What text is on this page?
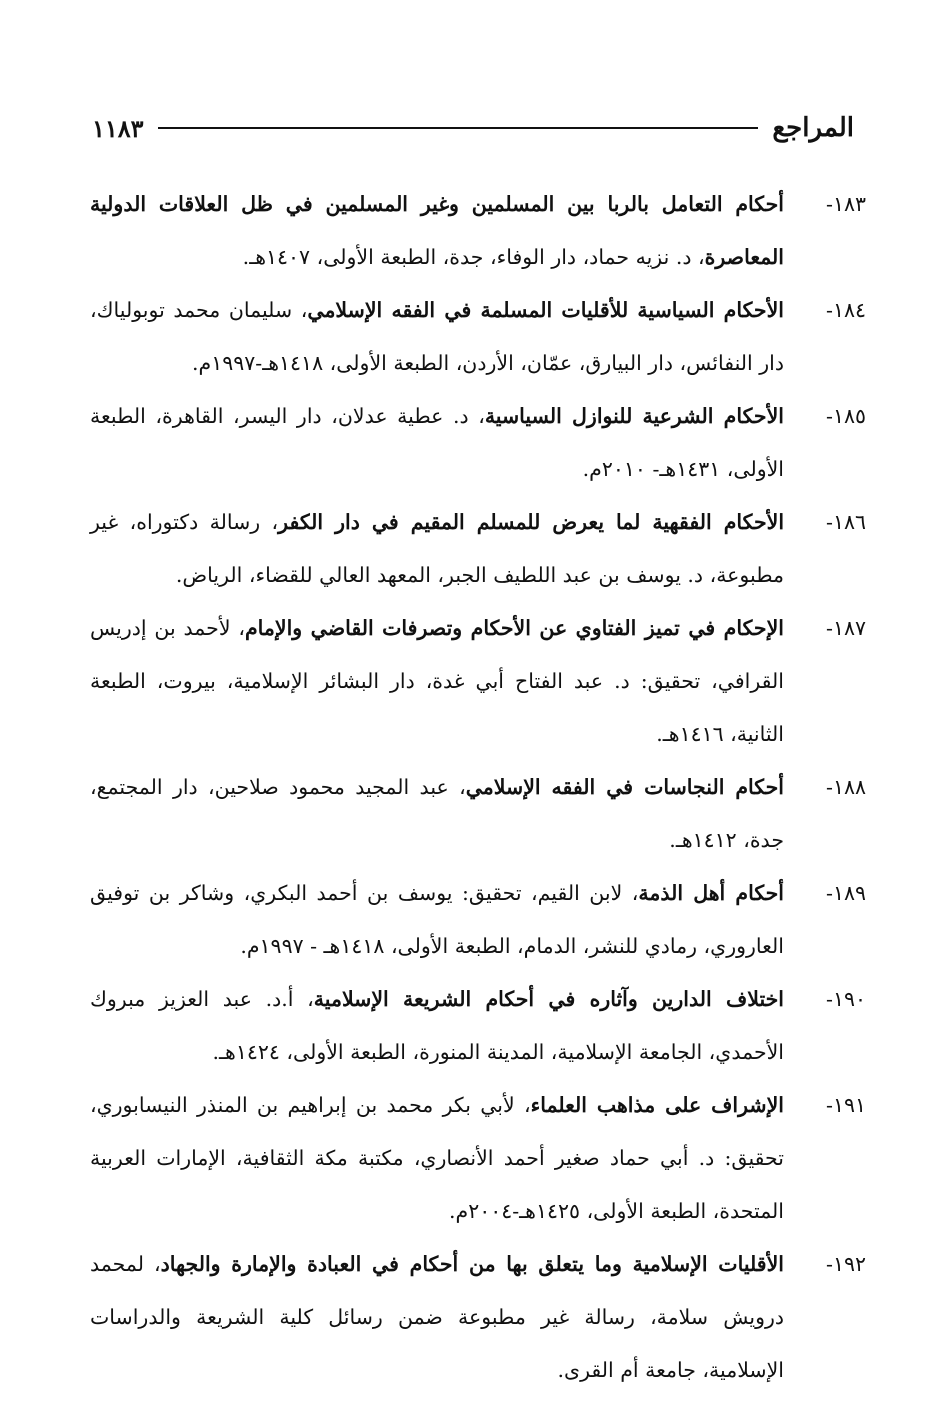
المراجع
١١٨٣
١٨٣-
أحكام التعامل بالربا بين المسلمين وغير المسلمين في ظل العلاقات الدولية المعاصرة، د. نزيه حماد، دار الوفاء، جدة، الطبعة الأولى، ١٤٠٧هـ.
١٨٤-
الأحكام السياسية للأقليات المسلمة في الفقه الإسلامي، سليمان محمد توبولياك، دار النفائس، دار البيارق، عمّان، الأردن، الطبعة الأولى، ١٤١٨هـ-١٩٩٧م.
١٨٥-
الأحكام الشرعية للنوازل السياسية، د. عطية عدلان، دار اليسر، القاهرة، الطبعة الأولى، ١٤٣١هـ- ٢٠١٠م.
١٨٦-
الأحكام الفقهية لما يعرض للمسلم المقيم في دار الكفر، رسالة دكتوراه، غير مطبوعة، د. يوسف بن عبد اللطيف الجبر، المعهد العالي للقضاء، الرياض.
١٨٧-
الإحكام في تميز الفتاوي عن الأحكام وتصرفات القاضي والإمام، لأحمد بن إدريس القرافي، تحقيق: د. عبد الفتاح أبي غدة، دار البشائر الإسلامية، بيروت، الطبعة الثانية، ١٤١٦هـ.
١٨٨-
أحكام النجاسات في الفقه الإسلامي، عبد المجيد محمود صلاحين، دار المجتمع، جدة، ١٤١٢هـ.
١٨٩-
أحكام أهل الذمة، لابن القيم، تحقيق: يوسف بن أحمد البكري، وشاكر بن توفيق العاروري، رمادي للنشر، الدمام، الطبعة الأولى، ١٤١٨هـ - ١٩٩٧م.
١٩٠-
اختلاف الدارين وآثاره في أحكام الشريعة الإسلامية، أ.د. عبد العزيز مبروك الأحمدي، الجامعة الإسلامية، المدينة المنورة، الطبعة الأولى، ١٤٢٤هـ.
١٩١-
الإشراف على مذاهب العلماء، لأبي بكر محمد بن إبراهيم بن المنذر النيسابوري، تحقيق: د. أبي حماد صغير أحمد الأنصاري، مكتبة مكة الثقافية، الإمارات العربية المتحدة، الطبعة الأولى، ١٤٢٥هـ-٢٠٠٤م.
١٩٢-
الأقليات الإسلامية وما يتعلق بها من أحكام في العبادة والإمارة والجهاد، لمحمد درويش سلامة، رسالة غير مطبوعة ضمن رسائل كلية الشريعة والدراسات الإسلامية، جامعة أم القرى.
